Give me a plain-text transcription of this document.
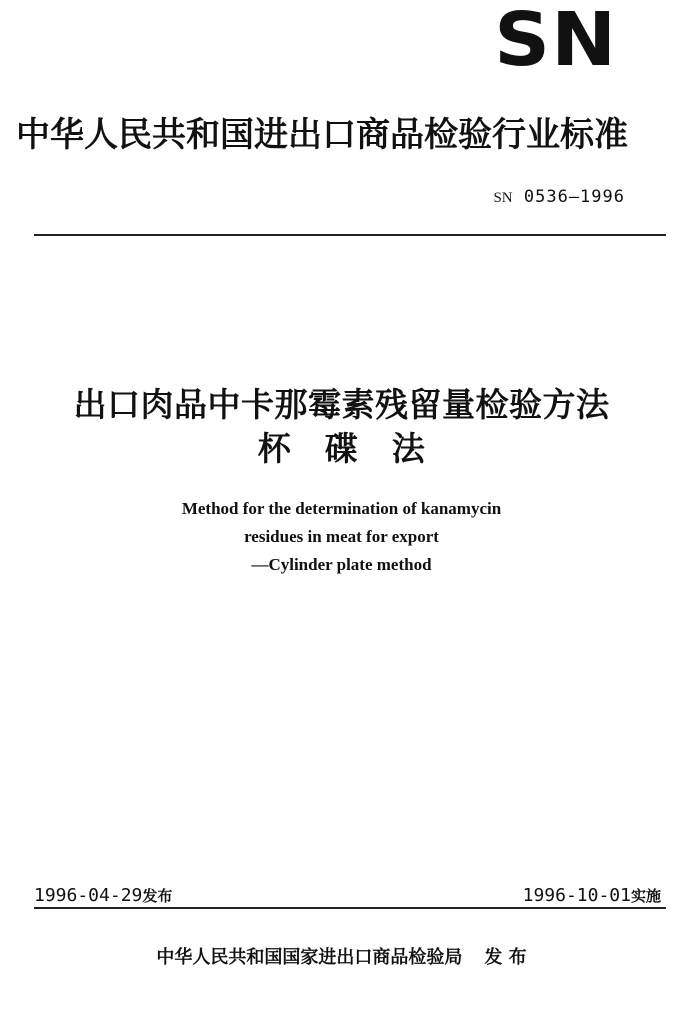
SN
中华人民共和国进出口商品检验行业标准
SN 0536—1996
出口肉品中卡那霉素残留量检验方法
杯　碟　法
Method for the determination of kanamycin
residues in meat for export
—Cylinder plate method
1996-04-29发布	1996-10-01实施
中华人民共和国国家进出口商品检验局 发 布
